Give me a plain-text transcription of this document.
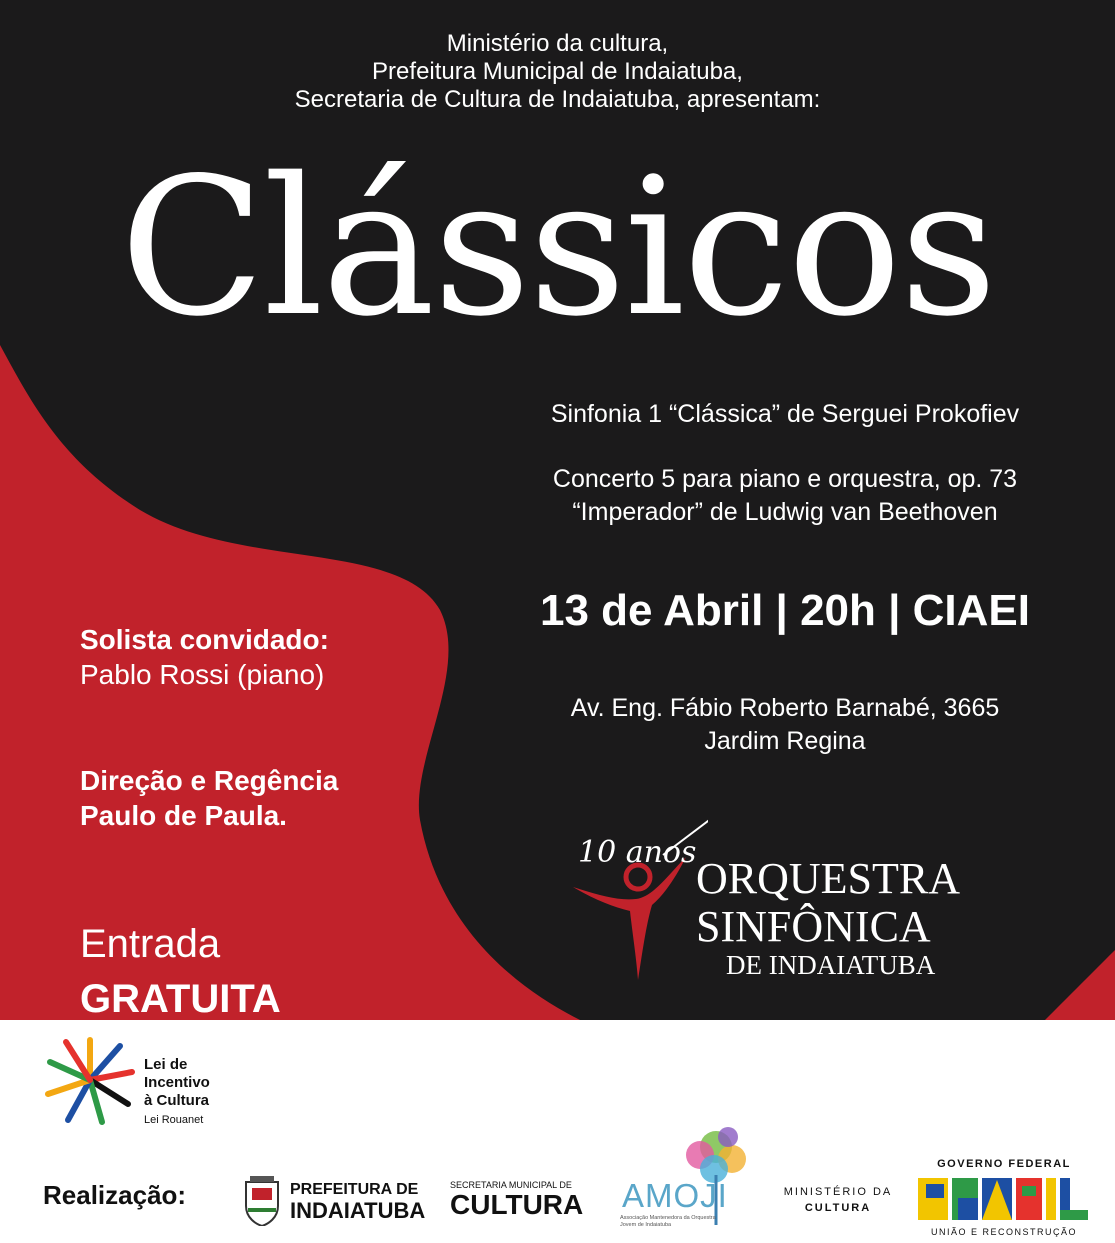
Ministério da cultura,
Prefeitura Municipal de Indaiatuba,
Secretaria de Cultura de Indaiatuba, apresentam:
Clássicos
Sinfonia 1 “Clássica” de Serguei Prokofiev
Concerto 5 para piano e orquestra, op. 73
“Imperador” de Ludwig van Beethoven
13 de Abril | 20h | CIAEI
Av. Eng. Fábio Roberto Barnabé, 3665
Jardim Regina
Solista convidado:
Pablo Rossi (piano)
Direção e Regência
Paulo de Paula.
Entrada
GRATUITA
10 anos
ORQUESTRA
SINFÔNICA
DE INDAIATUBA
Lei de
Incentivo
à Cultura
Lei Rouanet
Realização:	PREFEITURA DE
INDAIATUBA
SECRETARIA MUNICIPAL DE
CULTURA	AMOJI
Associação Mantenedora da Orquestra Jovem de Indaiatuba
MINISTÉRIO DA
CULTURA
GOVERNO FEDERAL
UNIÃO E RECONSTRUÇÃO
